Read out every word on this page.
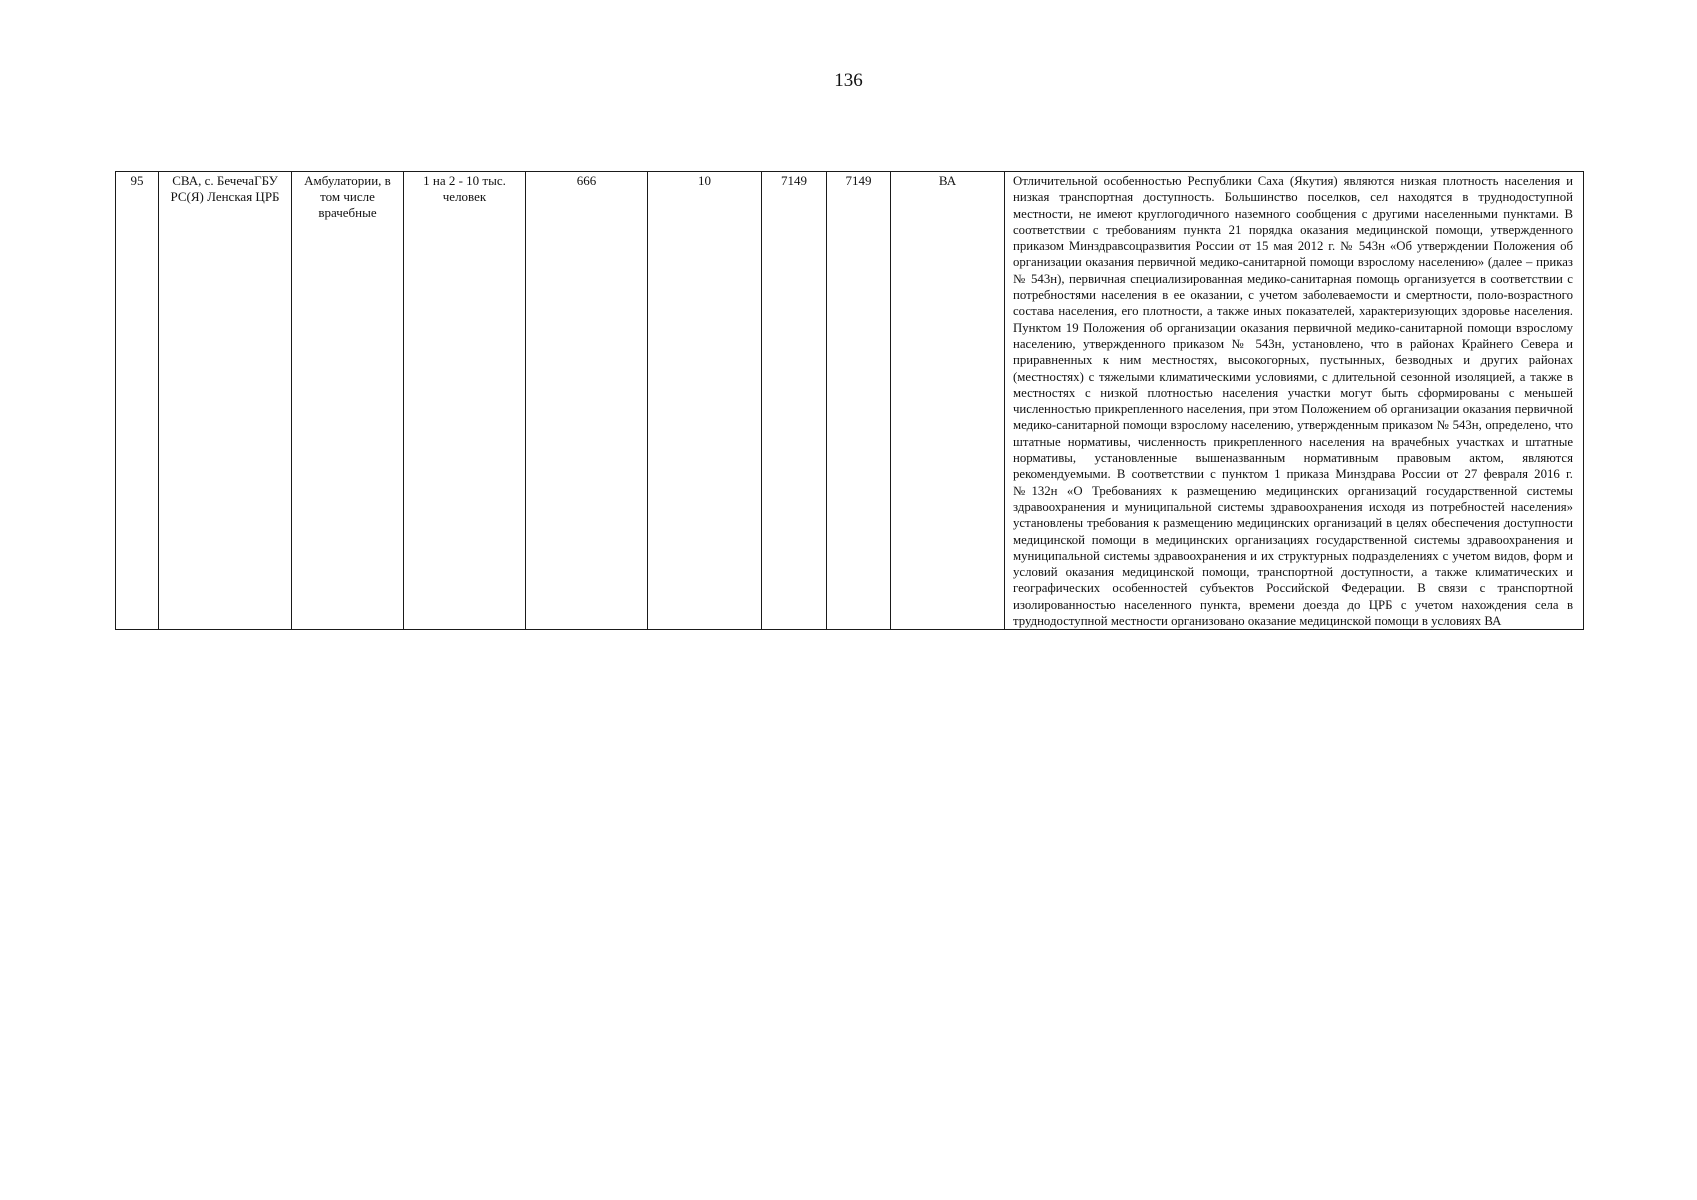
136
95	СВА, с. БечечаГБУ РС(Я) Ленская ЦРБ	Амбулатории, в том числе врачебные	1 на 2 - 10 тыс. человек	666	10	7149	7149	ВА	Отличительной особенностью Республики Саха (Якутия) являются низкая плотность населения и низкая транспортная доступность. Большинство поселков, сел находятся в труднодоступной местности, не имеют круглогодичного наземного сообщения с другими населенными пунктами. В соответствии с требованиям пункта 21 порядка оказания медицинской помощи, утвержденного приказом Минздравсоцразвития России от 15 мая 2012 г. № 543н «Об утверждении Положения об организации оказания первичной медико-санитарной помощи взрослому населению» (далее – приказ № 543н), первичная специализированная медико-санитарная помощь организуется в соответствии с потребностями населения в ее оказании, с учетом заболеваемости и смертности, поло-возрастного состава населения, его плотности, а также иных показателей, характеризующих здоровье населения. Пунктом 19 Положения об организации оказания первичной медико-санитарной помощи взрослому населению, утвержденного приказом № 543н, установлено, что в районах Крайнего Севера и приравненных к ним местностях, высокогорных, пустынных, безводных и других районах (местностях) с тяжелыми климатическими условиями, с длительной сезонной изоляцией, а также в местностях с низкой плотностью населения участки могут быть сформированы с меньшей численностью прикрепленного населения, при этом Положением об организации оказания первичной медико-санитарной помощи взрослому населению, утвержденным приказом № 543н, определено, что штатные нормативы, численность прикрепленного населения на врачебных участках и штатные нормативы, установленные вышеназванным нормативным правовым актом, являются рекомендуемыми. В соответствии с пунктом 1 приказа Минздрава России от 27 февраля 2016 г. №132н «О Требованиях к размещению медицинских организаций государственной системы здравоохранения и муниципальной системы здравоохранения исходя из потребностей населения» установлены требования к размещению медицинских организаций в целях обеспечения доступности медицинской помощи в медицинских организациях государственной системы здравоохранения и муниципальной системы здравоохранения и их структурных подразделениях с учетом видов, форм и условий оказания медицинской помощи, транспортной доступности, а также климатических и географических особенностей субъектов Российской Федерации. В связи с транспортной изолированностью населенного пункта, времени доезда до ЦРБ с учетом нахождения села в труднодоступной местности организовано оказание медицинской помощи в условиях ВА
